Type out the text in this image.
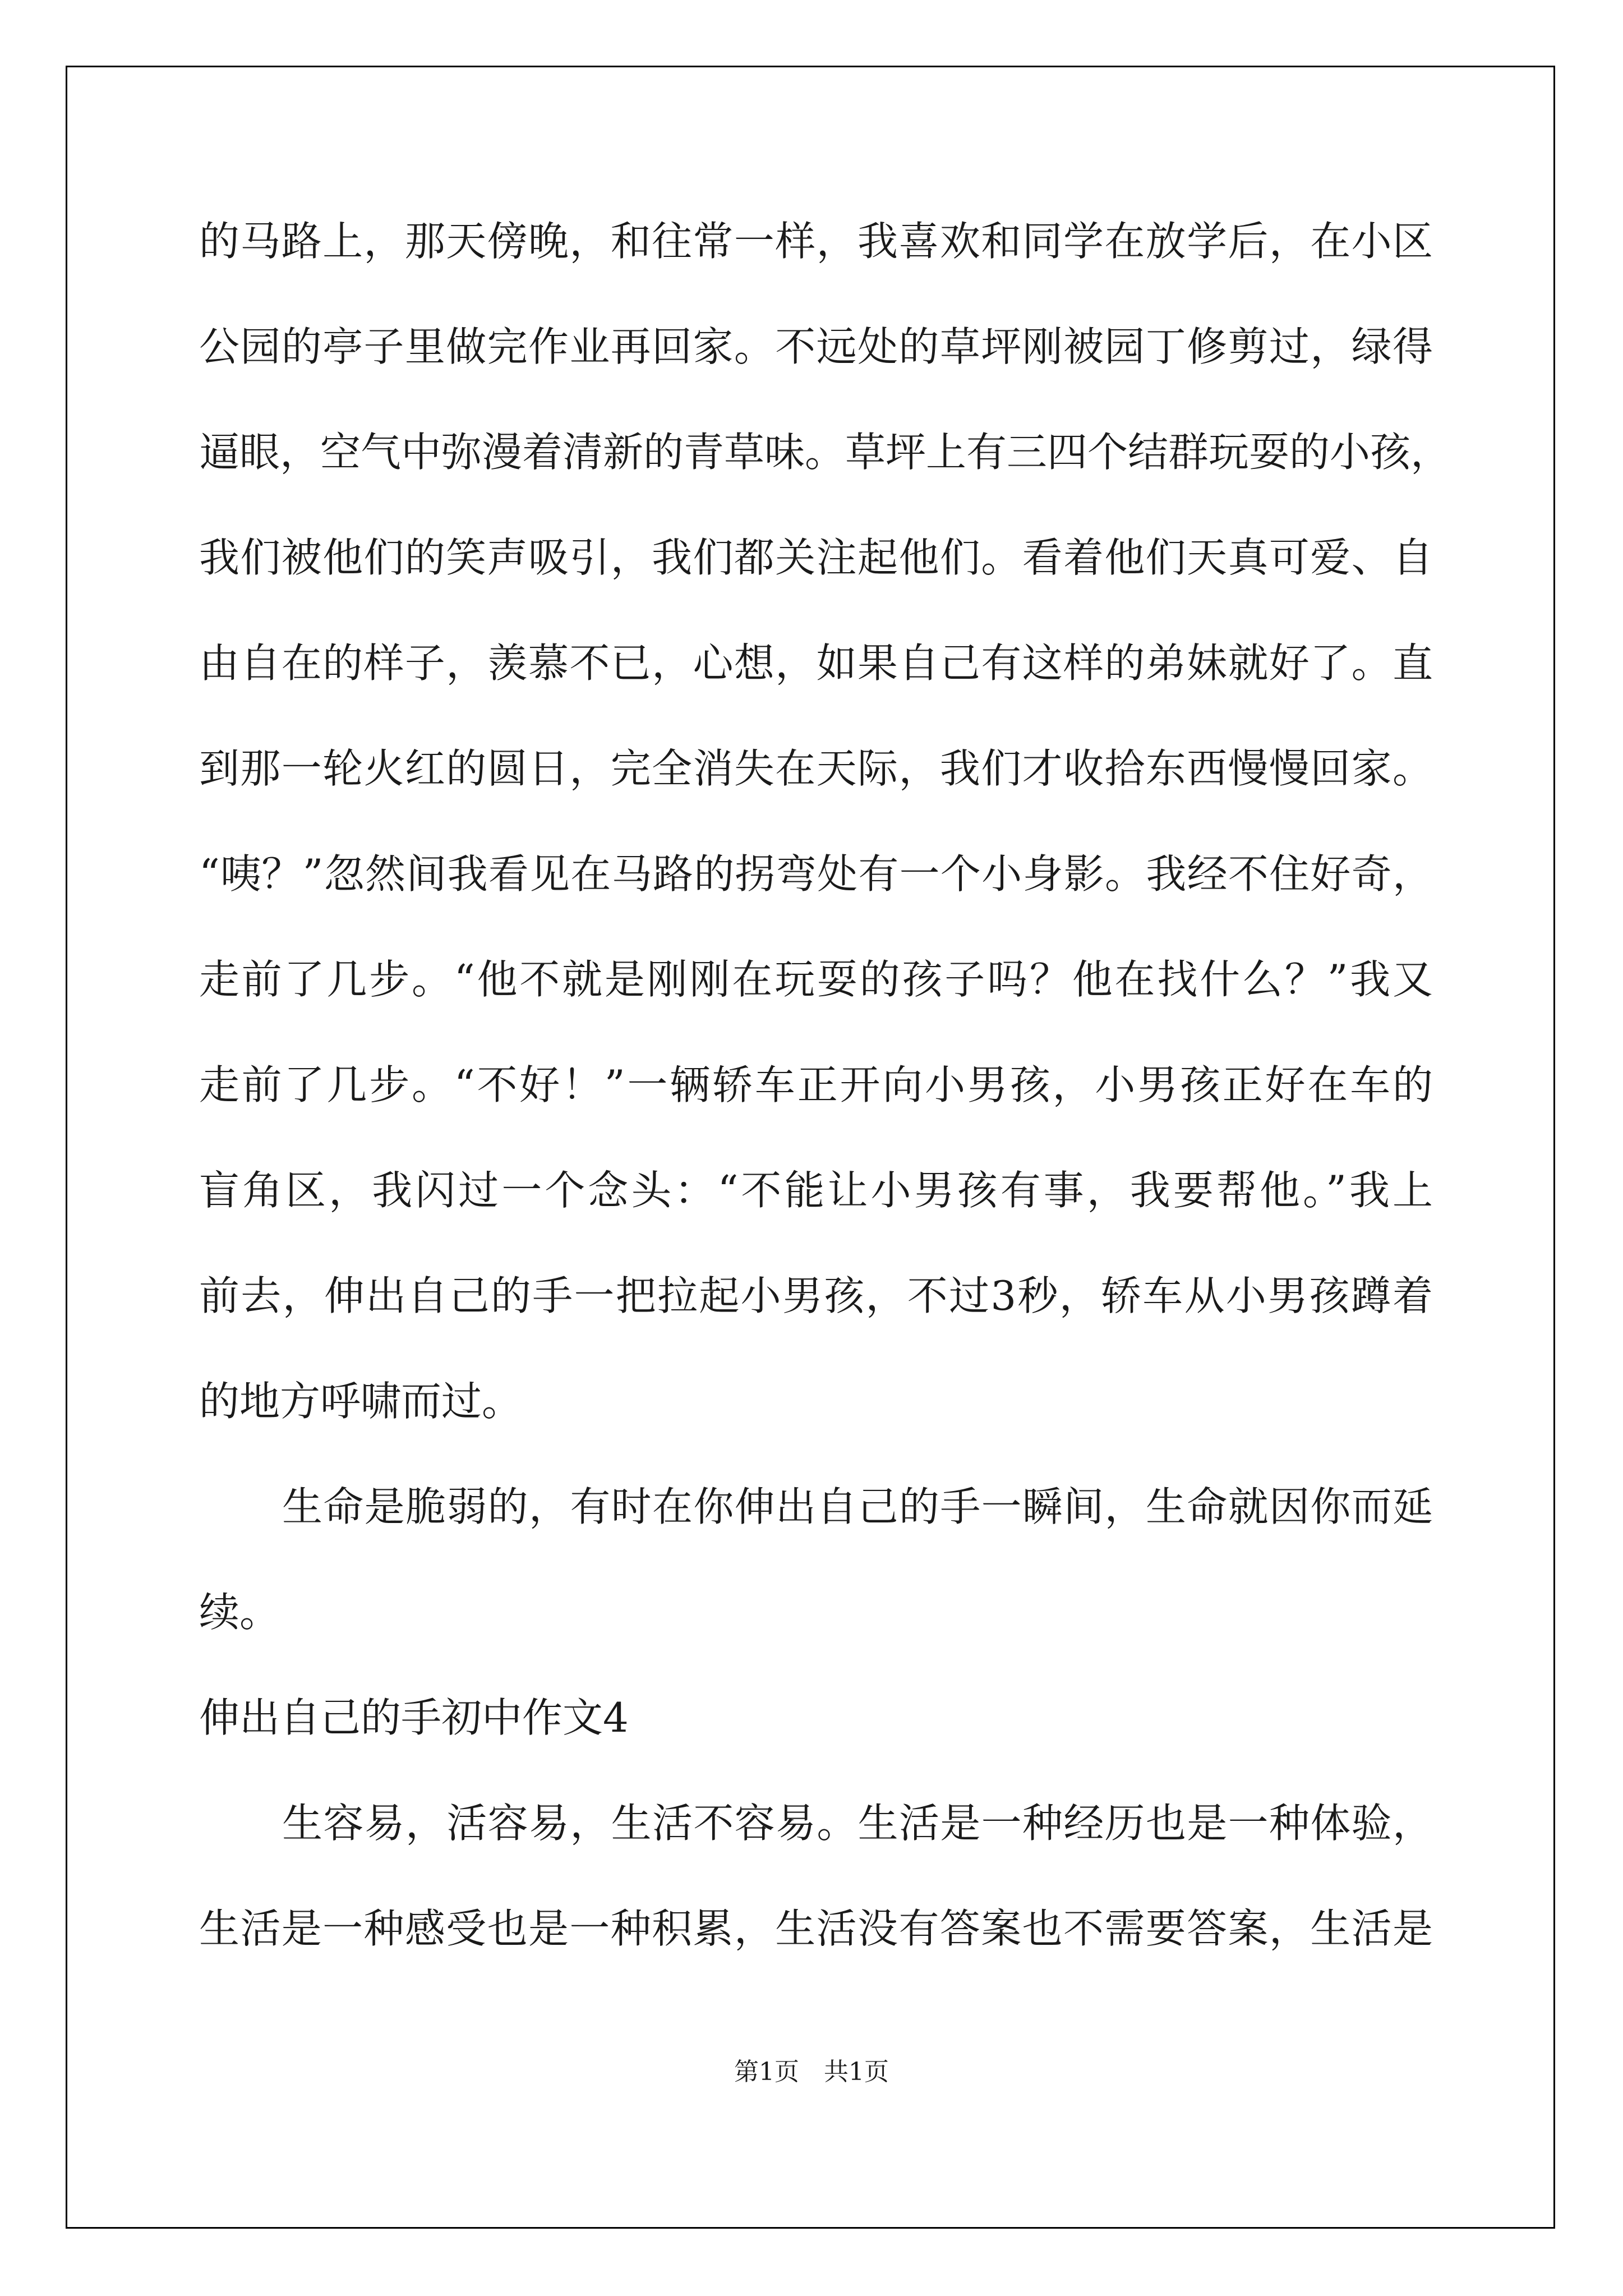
的马路上，那天傍晚，和往常一样，我喜欢和同学在放学后，在小区
公园的亭子里做完作业再回家。不远处的草坪刚被园丁修剪过，绿得
逼眼，空气中弥漫着清新的青草味。草坪上有三四个结群玩耍的小孩，
我们被他们的笑声吸引，我们都关注起他们。看着他们天真可爱、自
由自在的样子，羡慕不已，心想，如果自己有这样的弟妹就好了。直
到那一轮火红的圆日，完全消失在天际，我们才收拾东西慢慢回家。
“咦？”忽然间我看见在马路的拐弯处有一个小身影。我经不住好奇，
走前了几步。“他不就是刚刚在玩耍的孩子吗？他在找什么？”我又
走前了几步。“不好！”一辆轿车正开向小男孩，小男孩正好在车的
盲角区，我闪过一个念头：“不能让小男孩有事，我要帮他。”我上
前去，伸出自己的手一把拉起小男孩，不过3秒，轿车从小男孩蹲着
的地方呼啸而过。
生命是脆弱的，有时在你伸出自己的手一瞬间，生命就因你而延
续。
伸出自己的手初中作文4
生容易，活容易，生活不容易。生活是一种经历也是一种体验，
生活是一种感受也是一种积累，生活没有答案也不需要答案，生活是
第1页　共1页
